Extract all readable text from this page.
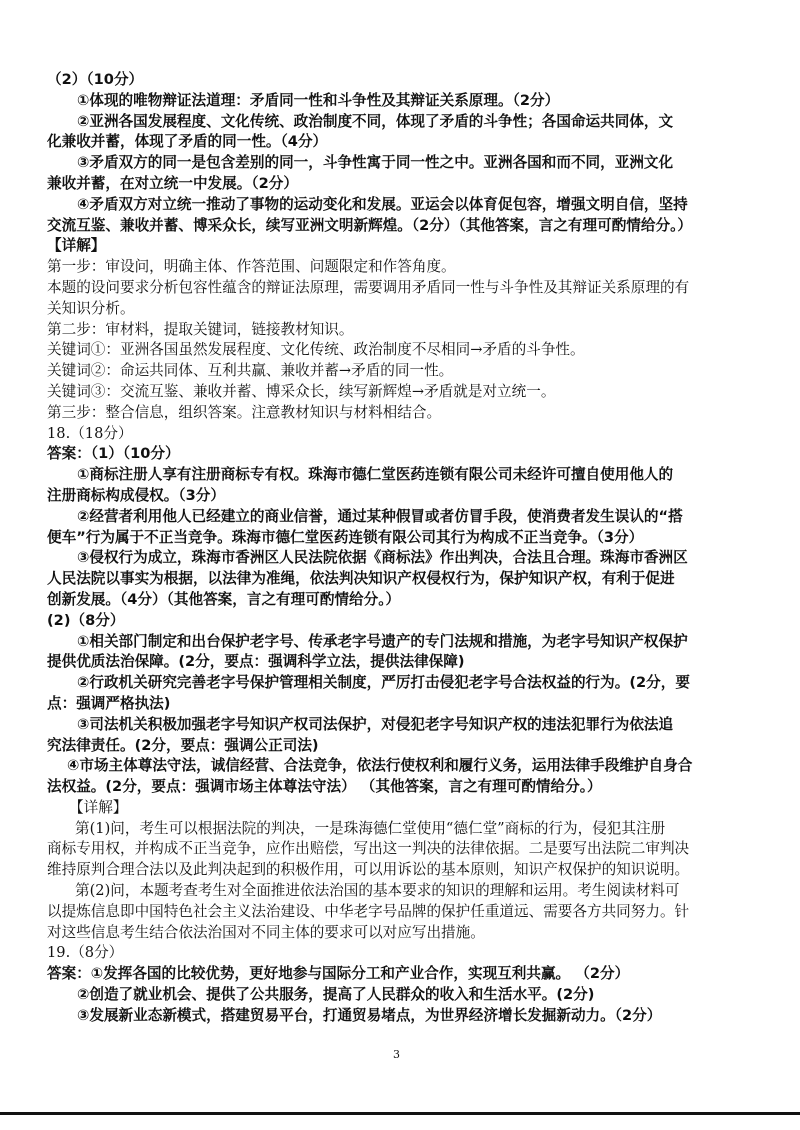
（2）（10分）
①体现的唯物辩证法道理：矛盾同一性和斗争性及其辩证关系原理。（2分）
②亚洲各国发展程度、文化传统、政治制度不同，体现了矛盾的斗争性；各国命运共同体，文
化兼收并蓄，体现了矛盾的同一性。（4分）
③矛盾双方的同一是包含差别的同一，斗争性寓于同一性之中。亚洲各国和而不同，亚洲文化
兼收并蓄，在对立统一中发展。（2分）
④矛盾双方对立统一推动了事物的运动变化和发展。亚运会以体育促包容，增强文明自信，坚持
交流互鉴、兼收并蓄、博采众长，续写亚洲文明新辉煌。（2分）（其他答案，言之有理可酌情给分。）
【详解】
第一步：审设问，明确主体、作答范围、问题限定和作答角度。
本题的设问要求分析包容性蕴含的辩证法原理，需要调用矛盾同一性与斗争性及其辩证关系原理的有
关知识分析。
第二步：审材料，提取关键词，链接教材知识。
关键词①：亚洲各国虽然发展程度、文化传统、政治制度不尽相同→矛盾的斗争性。
关键词②：命运共同体、互利共赢、兼收并蓄→矛盾的同一性。
关键词③：交流互鉴、兼收并蓄、博采众长，续写新辉煌→矛盾就是对立统一。
第三步：整合信息，组织答案。注意教材知识与材料相结合。
18.（18分）
答案：（1）（10分）
①商标注册人享有注册商标专有权。珠海市德仁堂医药连锁有限公司未经许可擅自使用他人的
注册商标构成侵权。（3分）
②经营者利用他人已经建立的商业信誉，通过某种假冒或者仿冒手段，使消费者发生误认的“搭
便车”行为属于不正当竞争。珠海市德仁堂医药连锁有限公司其行为构成不正当竞争。（3分）
③侵权行为成立，珠海市香洲区人民法院依据《商标法》作出判决，合法且合理。珠海市香洲区
人民法院以事实为根据，以法律为准绳，依法判决知识产权侵权行为，保护知识产权，有利于促进
创新发展。（4分）（其他答案，言之有理可酌情给分。）
(2)（8分）
①相关部门制定和出台保护老字号、传承老字号遗产的专门法规和措施，为老字号知识产权保护
提供优质法治保障。(2分，要点：强调科学立法，提供法律保障)
②行政机关研究完善老字号保护管理相关制度，严厉打击侵犯老字号合法权益的行为。(2分，要
点：强调严格执法)
③司法机关积极加强老字号知识产权司法保护，对侵犯老字号知识产权的违法犯罪行为依法追
究法律责任。(2分，要点：强调公正司法)
④市场主体尊法守法，诚信经营、合法竞争，依法行使权利和履行义务，运用法律手段维护自身合
法权益。(2分，要点：强调市场主体尊法守法） （其他答案，言之有理可酌情给分。）
【详解】
第(1)问，考生可以根据法院的判决，一是珠海德仁堂使用“德仁堂”商标的行为，侵犯其注册
商标专用权，并构成不正当竞争，应作出赔偿，写出这一判决的法律依据。二是要写出法院二审判决
维持原判合理合法以及此判决起到的积极作用，可以用诉讼的基本原则，知识产权保护的知识说明。
第(2)问，本题考查考生对全面推进依法治国的基本要求的知识的理解和运用。考生阅读材料可
以提炼信息即中国特色社会主义法治建设、中华老字号品牌的保护任重道远、需要各方共同努力。针
对这些信息考生结合依法治国对不同主体的要求可以对应写出措施。
19.（8分）
答案：①发挥各国的比较优势，更好地参与国际分工和产业合作，实现互利共赢。 （2分）
②创造了就业机会、提供了公共服务，提高了人民群众的收入和生活水平。(2分)
③发展新业态新模式，搭建贸易平台，打通贸易堵点，为世界经济增长发掘新动力。（2分）
3
